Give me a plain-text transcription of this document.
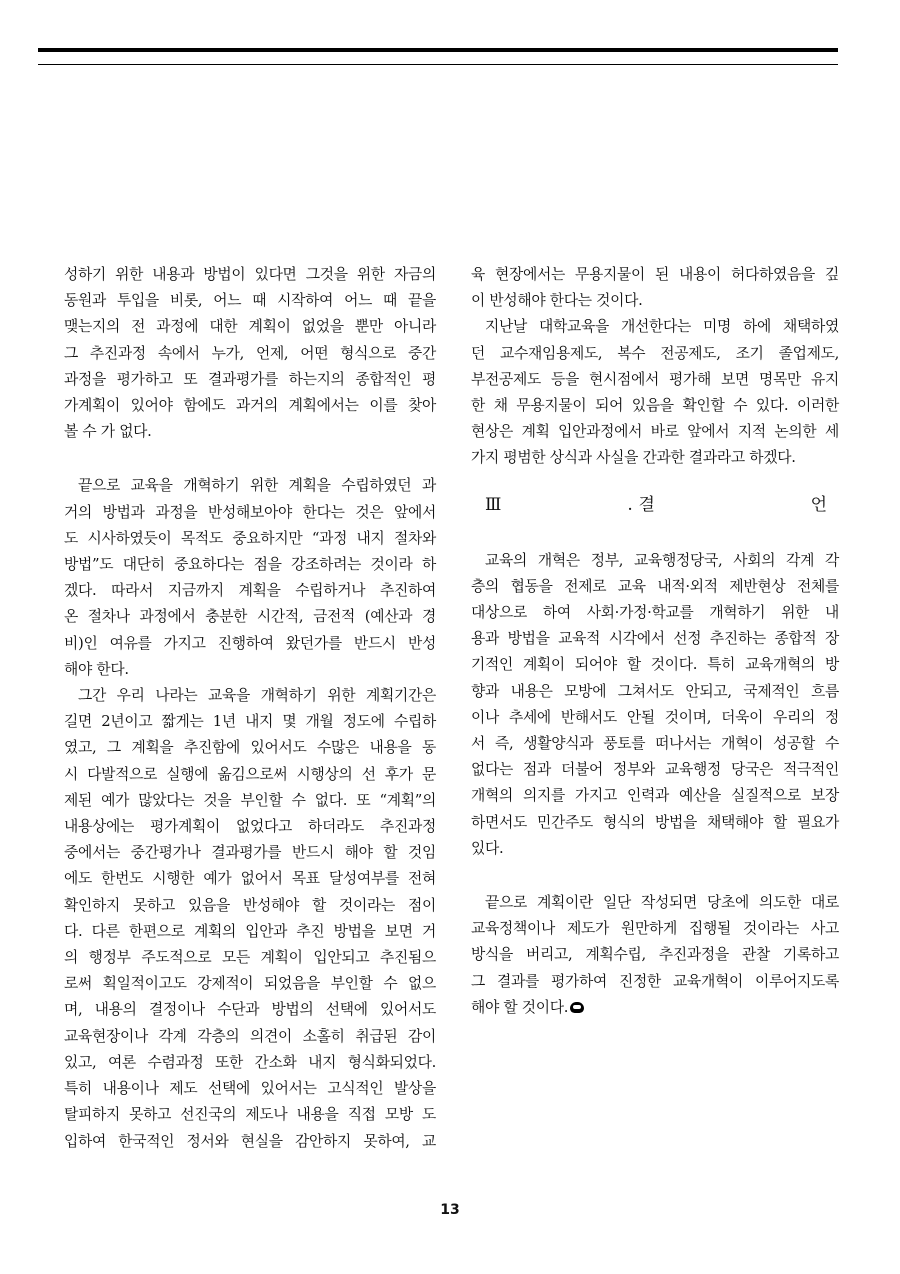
성하기 위한 내용과 방법이 있다면 그것을 위한 자금의

동원과 투입을 비롯, 어느 때 시작하여 어느 때 끝을

맺는지의 전 과정에 대한 계획이 없었을 뿐만 아니라

그 추진과정 속에서 누가, 언제, 어떤 형식으로 중간

과정을 평가하고 또 결과평가를 하는지의 종합적인 평

가계획이 있어야 함에도 과거의 계획에서는 이를 찾아

볼 수 가 없다.

끝으로 교육을 개혁하기 위한 계획을 수립하였던 과

거의 방법과 과정을 반성해보아야 한다는 것은 앞에서

도 시사하였듯이 목적도 중요하지만 “과정 내지 절차와

방법”도 대단히 중요하다는 점을 강조하려는 것이라 하

겠다. 따라서 지금까지 계획을 수립하거나 추진하여

온 절차나 과정에서 충분한 시간적, 금전적 (예산과 경

비)인 여유를 가지고 진행하여 왔던가를 반드시 반성

해야 한다.

그간 우리 나라는 교육을 개혁하기 위한 계획기간은

길면 2년이고 짧게는 1년 내지 몇 개월 정도에 수립하

였고, 그 계획을 추진함에 있어서도 수많은 내용을 동

시 다발적으로 실행에 옮김으로써 시행상의 선 후가 문

제된 예가 많았다는 것을 부인할 수 없다. 또 “계획”의

내용상에는 평가계획이 없었다고 하더라도 추진과정

중에서는 중간평가나 결과평가를 반드시 해야 할 것임

에도 한번도 시행한 예가 없어서 목표 달성여부를 전혀

확인하지 못하고 있음을 반성해야 할 것이라는 점이

다. 다른 한편으로 계획의 입안과 추진 방법을 보면 거

의 행정부 주도적으로 모든 계획이 입안되고 추진됨으

로써 획일적이고도 강제적이 되었음을 부인할 수 없으

며, 내용의 결정이나 수단과 방법의 선택에 있어서도

교육현장이나 각계 각층의 의견이 소홀히 취급된 감이

있고, 여론 수렴과정 또한 간소화 내지 형식화되었다.

특히 내용이나 제도 선택에 있어서는 고식적인 발상을

탈피하지 못하고 선진국의 제도나 내용을 직접 모방 도

입하여 한국적인 정서와 현실을 감안하지 못하여, 교

육 현장에서는 무용지물이 된 내용이 허다하였음을 깊

이 반성해야 한다는 것이다.

지난날 대학교육을 개선한다는 미명 하에 채택하였

던 교수재임용제도, 복수 전공제도, 조기 졸업제도,

부전공제도 등을 현시점에서 평가해 보면 명목만 유지

한 채 무용지물이 되어 있음을 확인할 수 있다. 이러한

현상은 계획 입안과정에서 바로 앞에서 지적 논의한 세

가지 평범한 상식과 사실을 간과한 결과라고 하겠다.

Ⅲ. 결 언

교육의 개혁은 정부, 교육행정당국, 사회의 각계 각

층의 협동을 전제로 교육 내적·외적 제반현상 전체를

대상으로 하여 사회·가정·학교를 개혁하기 위한 내

용과 방법을 교육적 시각에서 선정 추진하는 종합적 장

기적인 계획이 되어야 할 것이다. 특히 교육개혁의 방

향과 내용은 모방에 그쳐서도 안되고, 국제적인 흐름

이나 추세에 반해서도 안될 것이며, 더욱이 우리의 정

서 즉, 생활양식과 풍토를 떠나서는 개혁이 성공할 수

없다는 점과 더불어 정부와 교육행정 당국은 적극적인

개혁의 의지를 가지고 인력과 예산을 실질적으로 보장

하면서도 민간주도 형식의 방법을 채택해야 할 필요가

있다.

끝으로 계획이란 일단 작성되면 당초에 의도한 대로

교육정책이나 제도가 원만하게 집행될 것이라는 사고

방식을 버리고, 계획수립, 추진과정을 관찰 기록하고

그 결과를 평가하여 진정한 교육개혁이 이루어지도록

해야 할 것이다.

13
